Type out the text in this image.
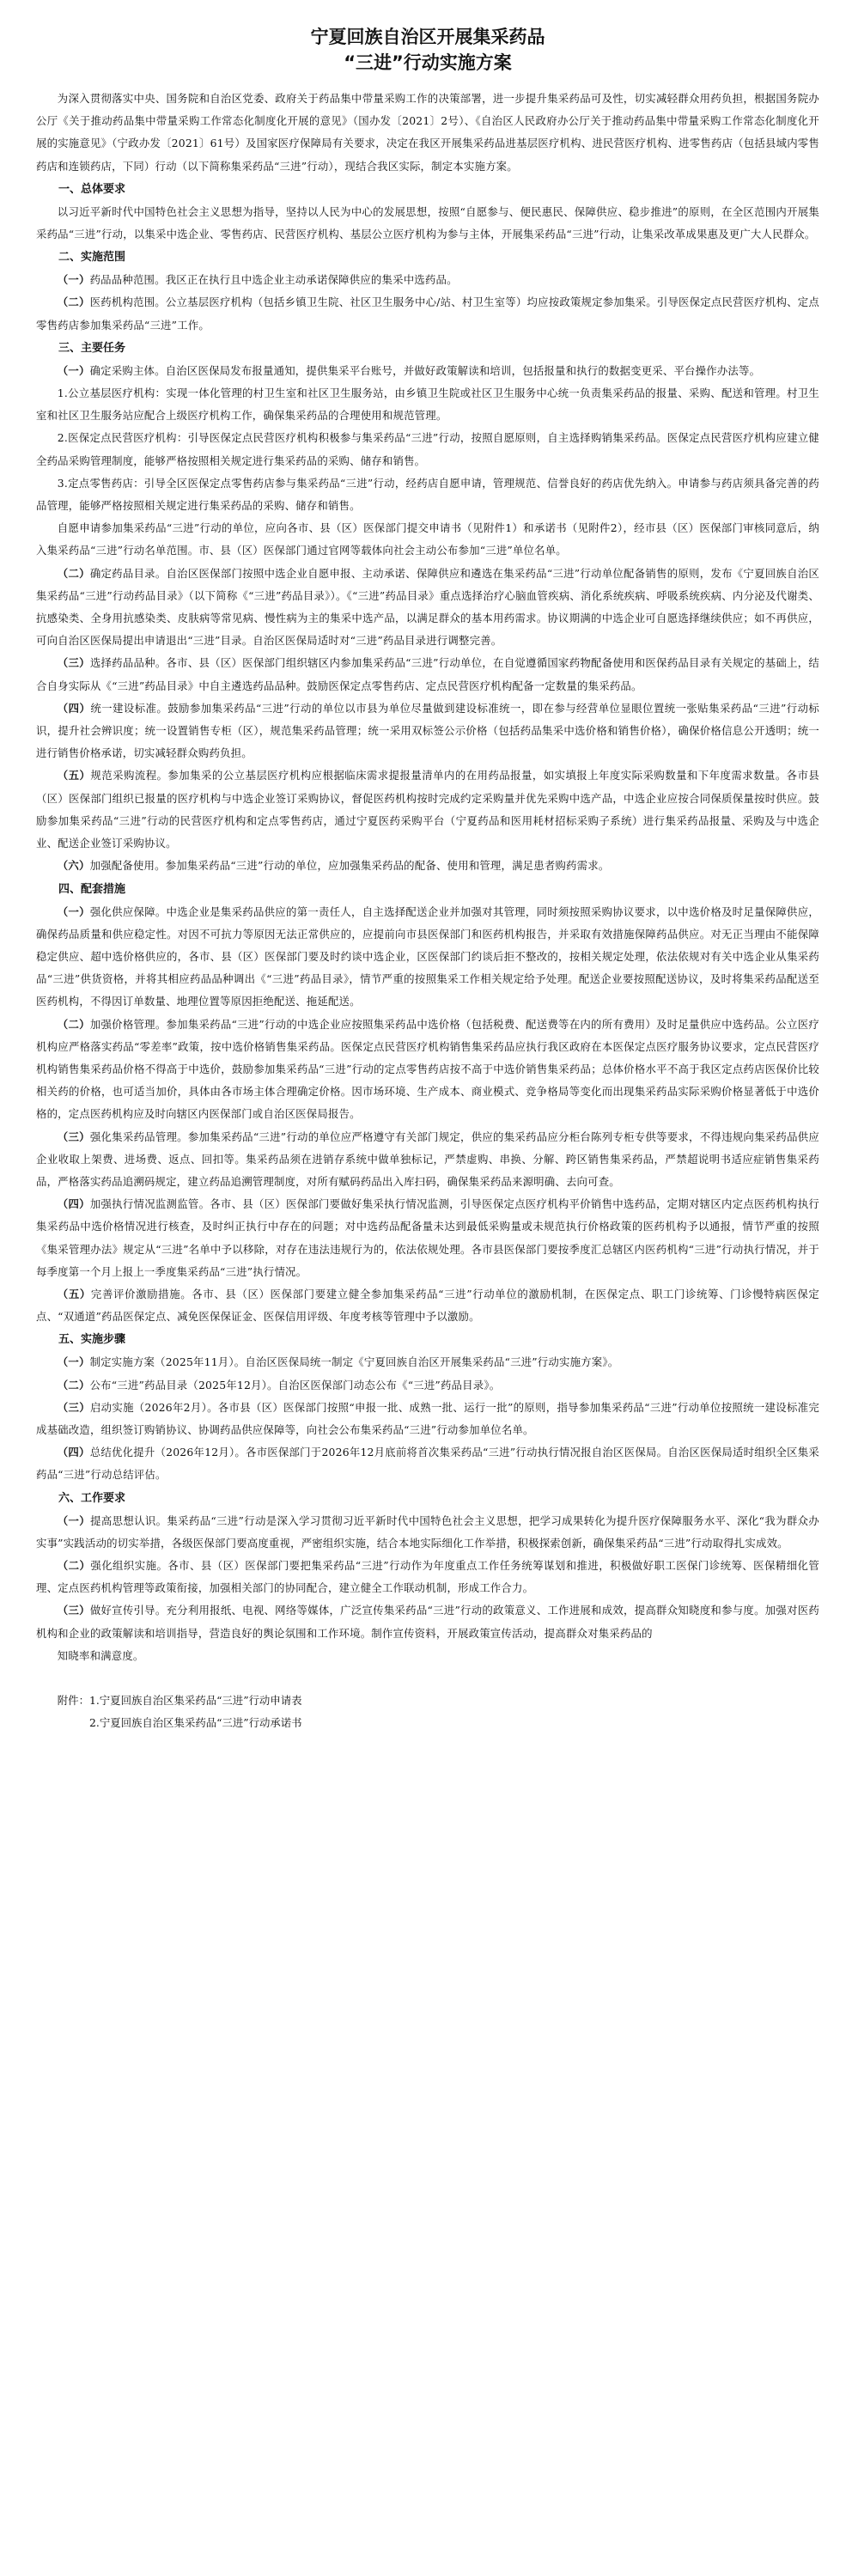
宁夏回族自治区开展集采药品
“三进”行动实施方案

为深入贯彻落实中央、国务院和自治区党委、政府关于药品集中带量采购工作的决策部署，进一步提升集采药品可及性，切实减轻群众用药负担，根据国务院办公厅《关于推动药品集中带量采购工作常态化制度化开展的意见》（国办发〔2021〕2号）、《自治区人民政府办公厅关于推动药品集中带量采购工作常态化制度化开展的实施意见》（宁政办发〔2021〕61号）及国家医疗保障局有关要求，决定在我区开展集采药品进基层医疗机构、进民营医疗机构、进零售药店（包括县域内零售药店和连锁药店，下同）行动（以下简称集采药品“三进”行动），现结合我区实际，制定本实施方案。

一、总体要求

以习近平新时代中国特色社会主义思想为指导，坚持以人民为中心的发展思想，按照“自愿参与、便民惠民、保障供应、稳步推进”的原则，在全区范围内开展集采药品“三进”行动，以集采中选企业、零售药店、民营医疗机构、基层公立医疗机构为参与主体，开展集采药品“三进”行动，让集采改革成果惠及更广大人民群众。

二、实施范围

（一）药品品种范围。我区正在执行且中选企业主动承诺保障供应的集采中选药品。

（二）医药机构范围。公立基层医疗机构（包括乡镇卫生院、社区卫生服务中心/站、村卫生室等）均应按政策规定参加集采。引导医保定点民营医疗机构、定点零售药店参加集采药品“三进”工作。

三、主要任务

（一）确定采购主体。自治区医保局发布报量通知，提供集采平台账号，并做好政策解读和培训，包括报量和执行的数据变更采、平台操作办法等。

1.公立基层医疗机构：实现一体化管理的村卫生室和社区卫生服务站，由乡镇卫生院或社区卫生服务中心统一负责集采药品的报量、采购、配送和管理。村卫生室和社区卫生服务站应配合上级医疗机构工作，确保集采药品的合理使用和规范管理。

2.医保定点民营医疗机构：引导医保定点民营医疗机构积极参与集采药品“三进”行动，按照自愿原则，自主选择购销集采药品。医保定点民营医疗机构应建立健全药品采购管理制度，能够严格按照相关规定进行集采药品的采购、储存和销售。

3.定点零售药店：引导全区医保定点零售药店参与集采药品“三进”行动，经药店自愿申请，管理规范、信誉良好的药店优先纳入。申请参与药店须具备完善的药品管理，能够严格按照相关规定进行集采药品的采购、储存和销售。

自愿申请参加集采药品“三进”行动的单位，应向各市、县（区）医保部门提交申请书（见附件1）和承诺书（见附件2），经市县（区）医保部门审核同意后，纳入集采药品“三进”行动名单范围。市、县（区）医保部门通过官网等载体向社会主动公布参加“三进”单位名单。

（二）确定药品目录。自治区医保部门按照中选企业自愿申报、主动承诺、保障供应和遴选在集采药品“三进”行动单位配备销售的原则，发布《宁夏回族自治区集采药品“三进”行动药品目录》（以下简称《“三进”药品目录》）。《“三进”药品目录》重点选择治疗心脑血管疾病、消化系统疾病、呼吸系统疾病、内分泌及代谢类、抗感染类、全身用抗感染类、皮肤病等常见病、慢性病为主的集采中选产品，以满足群众的基本用药需求。协议期满的中选企业可自愿选择继续供应；如不再供应，可向自治区医保局提出申请退出“三进”目录。自治区医保局适时对“三进”药品目录进行调整完善。

（三）选择药品品种。各市、县（区）医保部门组织辖区内参加集采药品“三进”行动单位，在自觉遵循国家药物配备使用和医保药品目录有关规定的基础上，结合自身实际从《“三进”药品目录》中自主遴选药品品种。鼓励医保定点零售药店、定点民营医疗机构配备一定数量的集采药品。

（四）统一建设标准。鼓励参加集采药品“三进”行动的单位以市县为单位尽量做到建设标准统一，即在参与经营单位显眼位置统一张贴集采药品“三进”行动标识，提升社会辨识度；统一设置销售专柜（区），规范集采药品管理；统一采用双标签公示价格（包括药品集采中选价格和销售价格），确保价格信息公开透明；统一进行销售价格承诺，切实减轻群众购药负担。

（五）规范采购流程。参加集采的公立基层医疗机构应根据临床需求提报量清单内的在用药品报量，如实填报上年度实际采购数量和下年度需求数量。各市县（区）医保部门组织已报量的医疗机构与中选企业签订采购协议，督促医药机构按时完成约定采购量并优先采购中选产品，中选企业应按合同保质保量按时供应。鼓励参加集采药品“三进”行动的民营医疗机构和定点零售药店，通过宁夏医药采购平台（宁夏药品和医用耗材招标采购子系统）进行集采药品报量、采购及与中选企业、配送企业签订采购协议。

（六）加强配备使用。参加集采药品“三进”行动的单位，应加强集采药品的配备、使用和管理，满足患者购药需求。

四、配套措施

（一）强化供应保障。中选企业是集采药品供应的第一责任人，自主选择配送企业并加强对其管理，同时须按照采购协议要求，以中选价格及时足量保障供应，确保药品质量和供应稳定性。对因不可抗力等原因无法正常供应的，应提前向市县医保部门和医药机构报告，并采取有效措施保障药品供应。对无正当理由不能保障稳定供应、超中选价格供应的，各市、县（区）医保部门要及时约谈中选企业，区医保部门约谈后拒不整改的，按相关规定处理，依法依规对有关中选企业从集采药品“三进”供货资格，并将其相应药品品种调出《“三进”药品目录》，情节严重的按照集采工作相关规定给予处理。配送企业要按照配送协议，及时将集采药品配送至医药机构，不得因订单数量、地理位置等原因拒绝配送、拖延配送。

（二）加强价格管理。参加集采药品“三进”行动的中选企业应按照集采药品中选价格（包括税费、配送费等在内的所有费用）及时足量供应中选药品。公立医疗机构应严格落实药品“零差率”政策，按中选价格销售集采药品。医保定点民营医疗机构销售集采药品应执行我区政府在本医保定点医疗服务协议要求，定点民营医疗机构销售集采药品价格不得高于中选价，鼓励参加集采药品“三进”行动的定点零售药店按不高于中选价销售集采药品；总体价格水平不高于我区定点药店医保价比较相关药的价格，也可适当加价，具体由各市场主体合理确定价格。因市场环境、生产成本、商业模式、竞争格局等变化而出现集采药品实际采购价格显著低于中选价格的，定点医药机构应及时向辖区内医保部门或自治区医保局报告。

（三）强化集采药品管理。参加集采药品“三进”行动的单位应严格遵守有关部门规定，供应的集采药品应分柜台陈列专柜专供等要求，不得违规向集采药品供应企业收取上架费、进场费、返点、回扣等。集采药品须在进销存系统中做单独标记，严禁虚购、串换、分解、跨区销售集采药品，严禁超说明书适应症销售集采药品，严格落实药品追溯码规定，建立药品追溯管理制度，对所有赋码药品出入库扫码，确保集采药品来源明确、去向可查。

（四）加强执行情况监测监管。各市、县（区）医保部门要做好集采执行情况监测，引导医保定点医疗机构平价销售中选药品，定期对辖区内定点医药机构执行集采药品中选价格情况进行核查，及时纠正执行中存在的问题；对中选药品配备量未达到最低采购量或未规范执行价格政策的医药机构予以通报，情节严重的按照《集采管理办法》规定从“三进”名单中予以移除，对存在违法违规行为的，依法依规处理。各市县医保部门要按季度汇总辖区内医药机构“三进”行动执行情况，并于每季度第一个月上报上一季度集采药品“三进”执行情况。

（五）完善评价激励措施。各市、县（区）医保部门要建立健全参加集采药品“三进”行动单位的激励机制，在医保定点、职工门诊统筹、门诊慢特病医保定点、“双通道”药品医保定点、减免医保保证金、医保信用评级、年度考核等管理中予以激励。

五、实施步骤

（一）制定实施方案（2025年11月）。自治区医保局统一制定《宁夏回族自治区开展集采药品“三进”行动实施方案》。

（二）公布“三进”药品目录（2025年12月）。自治区医保部门动态公布《“三进”药品目录》。

（三）启动实施（2026年2月）。各市县（区）医保部门按照“申报一批、成熟一批、运行一批”的原则，指导参加集采药品“三进”行动单位按照统一建设标准完成基础改造，组织签订购销协议、协调药品供应保障等，向社会公布集采药品“三进”行动参加单位名单。

（四）总结优化提升（2026年12月）。各市医保部门于2026年12月底前将首次集采药品“三进”行动执行情况报自治区医保局。自治区医保局适时组织全区集采药品“三进”行动总结评估。

六、工作要求

（一）提高思想认识。集采药品“三进”行动是深入学习贯彻习近平新时代中国特色社会主义思想，把学习成果转化为提升医疗保障服务水平、深化“我为群众办实事”实践活动的切实举措，各级医保部门要高度重视，严密组织实施，结合本地实际细化工作举措，积极探索创新，确保集采药品“三进”行动取得扎实成效。

（二）强化组织实施。各市、县（区）医保部门要把集采药品“三进”行动作为年度重点工作任务统筹谋划和推进，积极做好职工医保门诊统筹、医保精细化管理、定点医药机构管理等政策衔接，加强相关部门的协同配合，建立健全工作联动机制，形成工作合力。

（三）做好宣传引导。充分利用报纸、电视、网络等媒体，广泛宣传集采药品“三进”行动的政策意义、工作进展和成效，提高群众知晓度和参与度。加强对医药机构和企业的政策解读和培训指导，营造良好的舆论氛围和工作环境。制作宣传资料，开展政策宣传活动，提高群众对集采药品的

知晓率和满意度。

附件：1.宁夏回族自治区集采药品“三进”行动申请表
2.宁夏回族自治区集采药品“三进”行动承诺书
